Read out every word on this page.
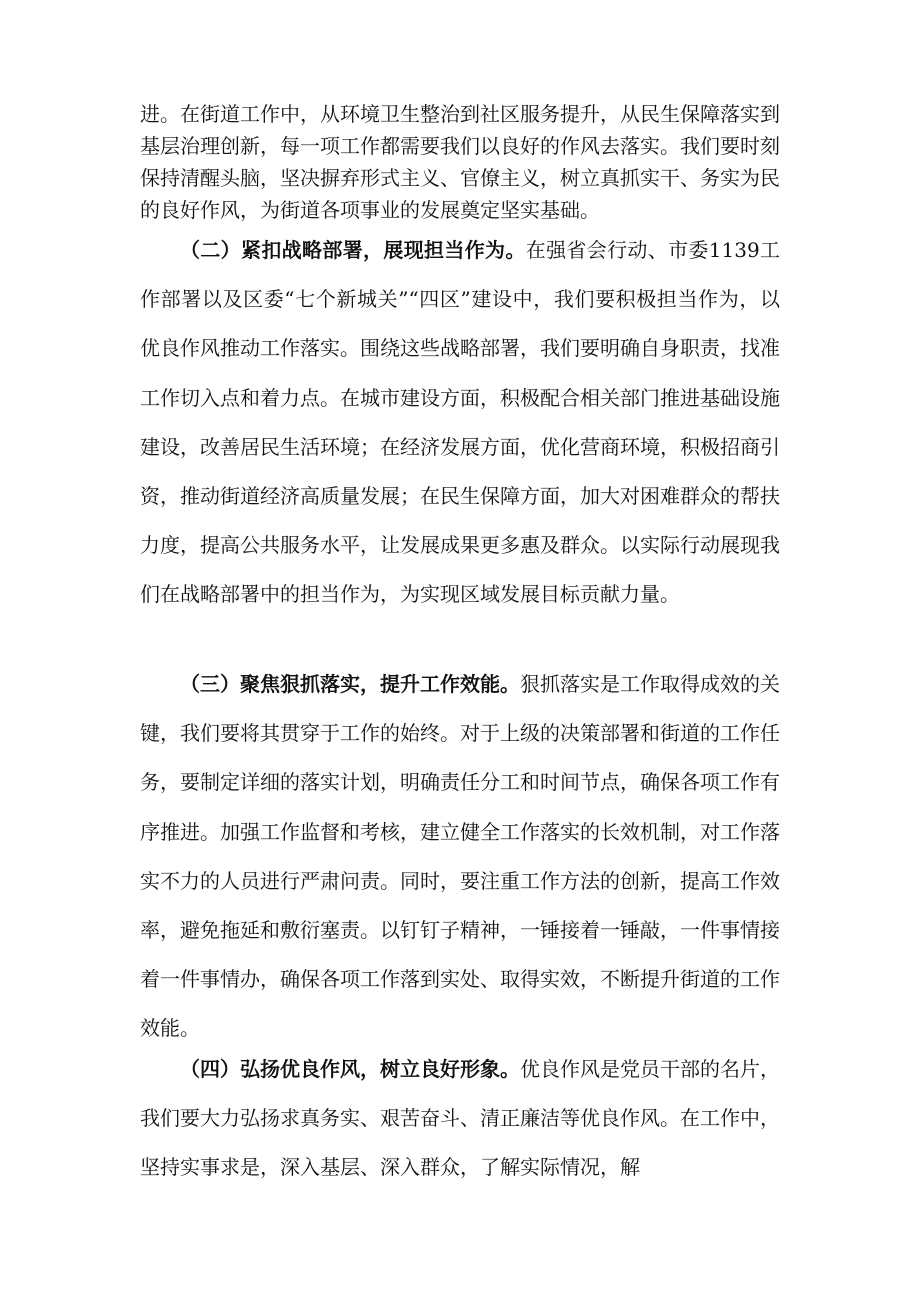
进。在街道工作中，从环境卫生整治到社区服务提升，从民生保障落实到基层治理创新，每一项工作都需要我们以良好的作风去落实。我们要时刻保持清醒头脑，坚决摒弃形式主义、官僚主义，树立真抓实干、务实为民的良好作风，为街道各项事业的发展奠定坚实基础。

（二）紧扣战略部署，展现担当作为。在强省会行动、市委1139工作部署以及区委“七个新城关”“四区”建设中，我们要积极担当作为，以优良作风推动工作落实。围绕这些战略部署，我们要明确自身职责，找准工作切入点和着力点。在城市建设方面，积极配合相关部门推进基础设施建设，改善居民生活环境；在经济发展方面，优化营商环境，积极招商引资，推动街道经济高质量发展；在民生保障方面，加大对困难群众的帮扶力度，提高公共服务水平，让发展成果更多惠及群众。以实际行动展现我们在战略部署中的担当作为，为实现区域发展目标贡献力量。

（三）聚焦狠抓落实，提升工作效能。狠抓落实是工作取得成效的关键，我们要将其贯穿于工作的始终。对于上级的决策部署和街道的工作任务，要制定详细的落实计划，明确责任分工和时间节点，确保各项工作有序推进。加强工作监督和考核，建立健全工作落实的长效机制，对工作落实不力的人员进行严肃问责。同时，要注重工作方法的创新，提高工作效率，避免拖延和敷衍塞责。以钉钉子精神，一锤接着一锤敲，一件事情接着一件事情办，确保各项工作落到实处、取得实效，不断提升街道的工作效能。

（四）弘扬优良作风，树立良好形象。优良作风是党员干部的名片，我们要大力弘扬求真务实、艰苦奋斗、清正廉洁等优良作风。在工作中，坚持实事求是，深入基层、深入群众，了解实际情况，解
